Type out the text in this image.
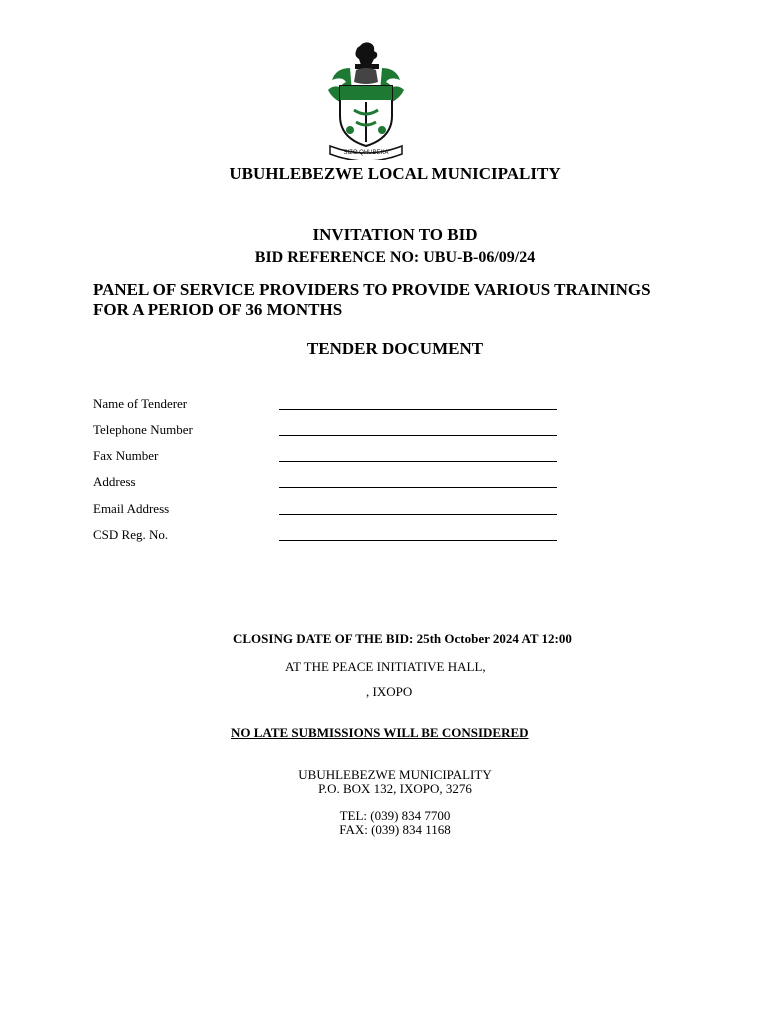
SIZO QHUBEKA
UBUHLEBEZWE LOCAL MUNICIPALITY
INVITATION TO BID
BID REFERENCE NO: UBU-B-06/09/24
PANEL OF SERVICE PROVIDERS TO PROVIDE VARIOUS TRAININGS
FOR A PERIOD OF 36 MONTHS
TENDER DOCUMENT
Name of Tenderer
Telephone Number
Fax Number
Address
Email Address
CSD Reg. No.
CLOSING DATE OF THE BID: 25th October 2024 AT 12:00
AT THE PEACE INITIATIVE HALL,
, IXOPO
NO LATE SUBMISSIONS WILL BE CONSIDERED
UBUHLEBEZWE MUNICIPALITY
P.O. BOX 132, IXOPO, 3276
TEL: (039) 834 7700
FAX: (039) 834 1168
